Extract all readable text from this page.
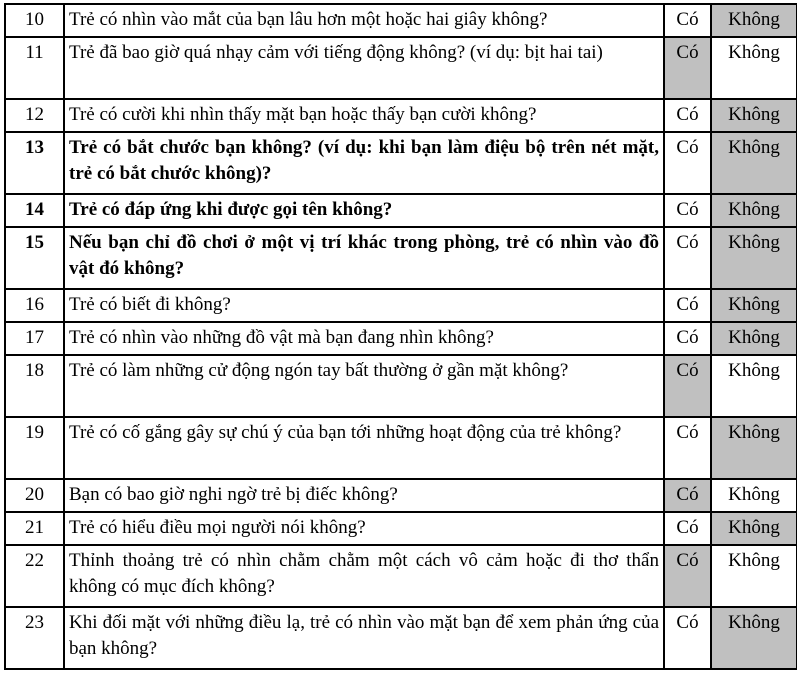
10	Trẻ có nhìn vào mắt của bạn lâu hơn một hoặc hai giây không?	Có	Không
11	Trẻ đã bao giờ quá nhạy cảm với tiếng động không? (ví dụ: bịt hai tai)	Có	Không
12	Trẻ có cười khi nhìn thấy mặt bạn hoặc thấy bạn cười không?	Có	Không
13	Trẻ có bắt chước bạn không? (ví dụ: khi bạn làm điệu bộ trên nét mặt, trẻ có bắt chước không)?	Có	Không
14	Trẻ có đáp ứng khi được gọi tên không?	Có	Không
15	Nếu bạn chỉ đồ chơi ở một vị trí khác trong phòng, trẻ có nhìn vào đồ vật đó không?	Có	Không
16	Trẻ có biết đi không?	Có	Không
17	Trẻ có nhìn vào những đồ vật mà bạn đang nhìn không?	Có	Không
18	Trẻ có làm những cử động ngón tay bất thường ở gần mặt không?	Có	Không
19	Trẻ có cố gắng gây sự chú ý của bạn tới những hoạt động của trẻ không?	Có	Không
20	Bạn có bao giờ nghi ngờ trẻ bị điếc không?	Có	Không
21	Trẻ có hiểu điều mọi người nói không?	Có	Không
22	Thỉnh thoảng trẻ có nhìn chằm chằm một cách vô cảm hoặc đi thơ thẩn không có mục đích không?	Có	Không
23	Khi đối mặt với những điều lạ, trẻ có nhìn vào mặt bạn để xem phản ứng của bạn không?	Có	Không
